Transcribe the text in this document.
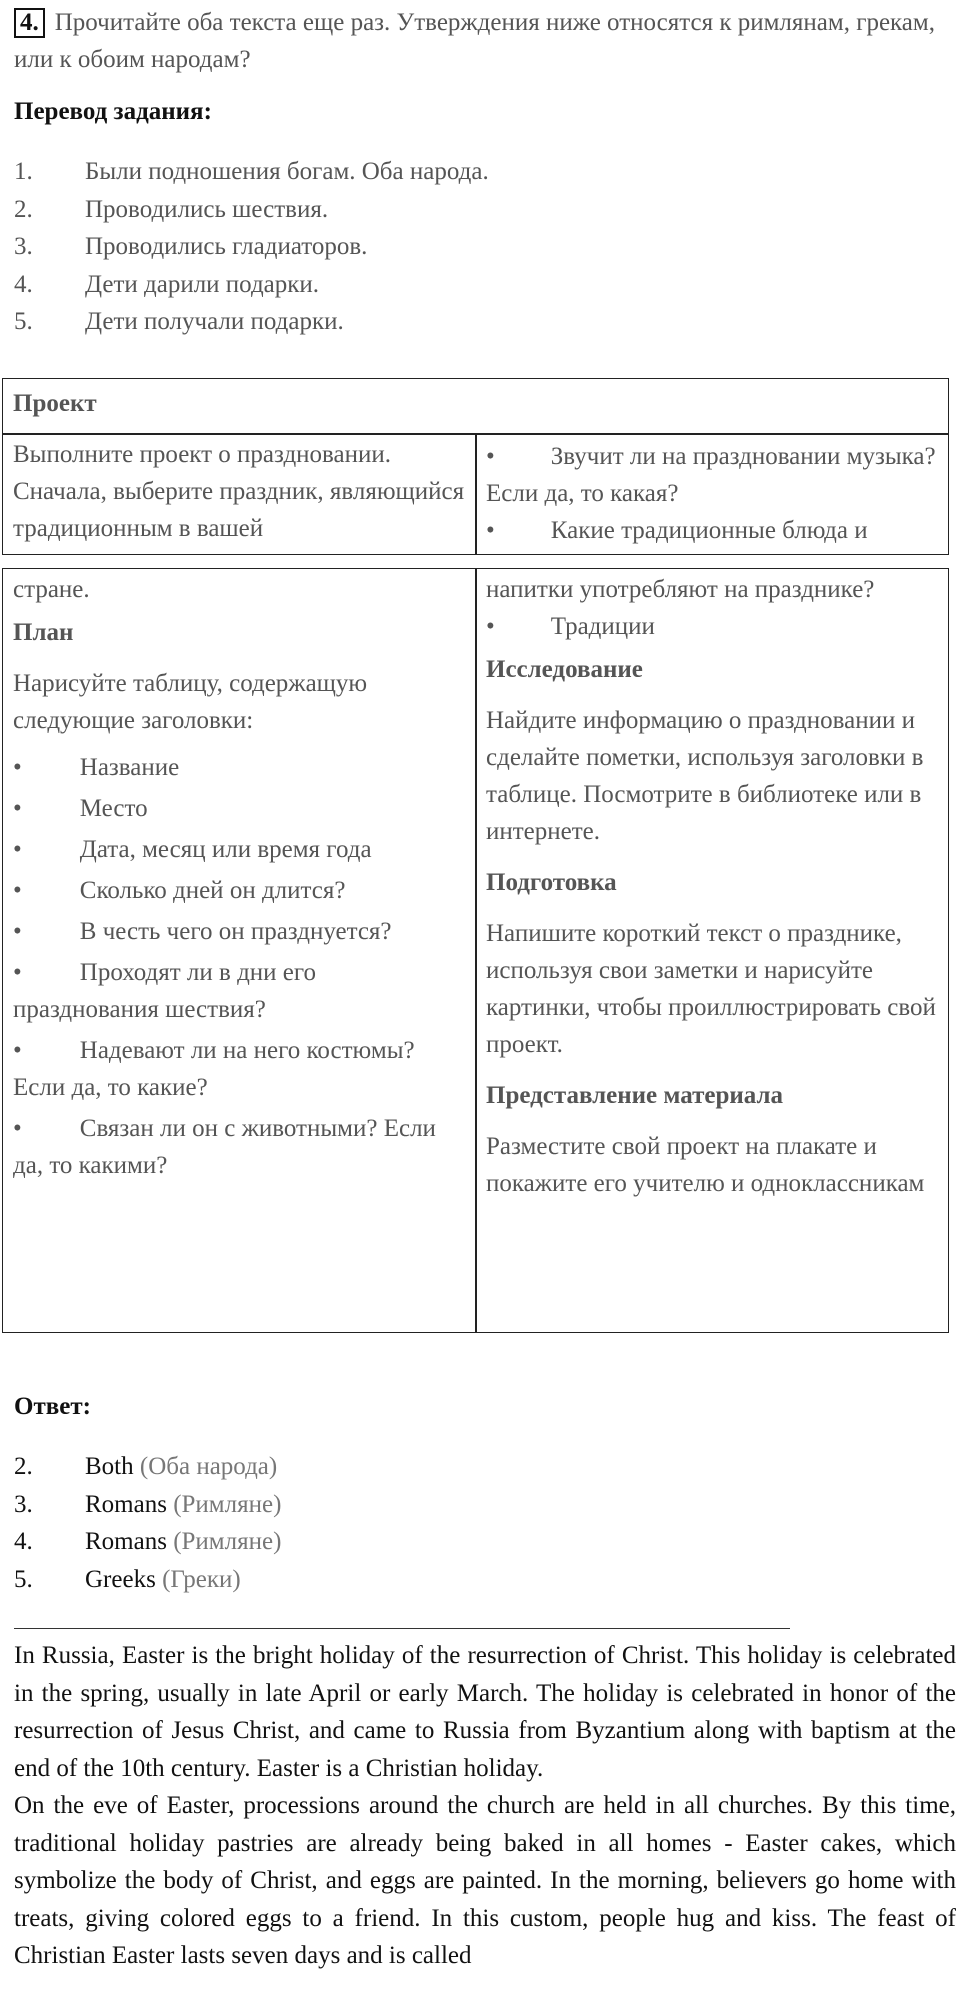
4. Прочитайте оба текста еще раз. Утверждения ниже относятся к римлянам, грекам, или к обоим народам?
Перевод задания:
1. Были подношения богам. Оба народа.
2. Проводились шествия.
3. Проводились гладиаторов.
4. Дети дарили подарки.
5. Дети получали подарки.
Проект
Выполните проект о праздновании. Сначала, выберите праздник, являющийся традиционным в вашей
• Звучит ли на праздновании музыка? Если да, то какая?
• Какие традиционные блюда и
стране.
План
Нарисуйте таблицу, содержащую следующие заголовки:
• Название
• Место
• Дата, месяц или время года
• Сколько дней он длится?
• В честь чего он празднуется?
• Проходят ли в дни его празднования шествия?
• Надевают ли на него костюмы? Если да, то какие?
• Связан ли он с животными? Если да, то какими?
напитки употребляют на празднике?
• Традиции
Исследование
Найдите информацию о праздновании и сделайте пометки, используя заголовки в таблице. Посмотрите в библиотеке или в интернете.
Подготовка
Напишите короткий текст о празднике, используя свои заметки и нарисуйте картинки, чтобы проиллюстрировать свой проект.
Представление материала
Разместите свой проект на плакате и покажите его учителю и одноклассникам
Ответ:
2. Both (Оба народа)
3. Romans (Римляне)
4. Romans (Римляне)
5. Greeks (Греки)

In Russia, Easter is the bright holiday of the resurrection of Christ. This holiday is celebrated in the spring, usually in late April or early March. The holiday is celebrated in honor of the resurrection of Jesus Christ, and came to Russia from Byzantium along with baptism at the end of the 10th century. Easter is a Christian holiday.

On the eve of Easter, processions around the church are held in all churches. By this time, traditional holiday pastries are already being baked in all homes - Easter cakes, which symbolize the body of Christ, and eggs are painted. In the morning, believers go home with treats, giving colored eggs to a friend. In this custom, people hug and kiss. The feast of Christian Easter lasts seven days and is called
